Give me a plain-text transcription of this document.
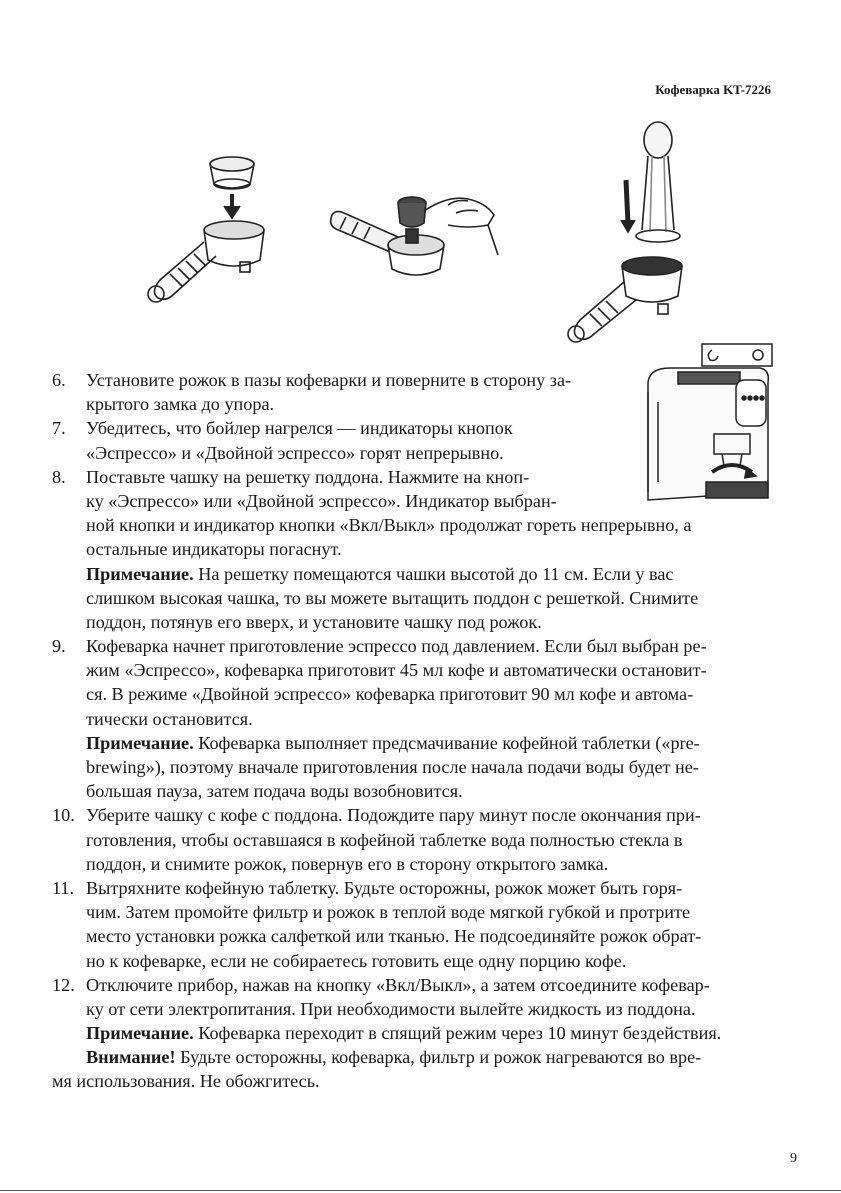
Кофеварка KT-7226
6.	Установите рожок в пазы кофеварки и поверните в сторону за-
крытого замка до упора.
7.	Убедитесь, что бойлер нагрелся — индикаторы кнопок
«Эспрессо» и «Двойной эспрессо» горят непрерывно.
8.	Поставьте чашку на решетку поддона. Нажмите на кноп-
ку «Эспрессо» или «Двойной эспрессо». Индикатор выбран-
ной кнопки и индикатор кнопки «Вкл/Выкл» продолжат гореть непрерывно, а
остальные индикаторы погаснут.
Примечание. На решетку помещаются чашки высотой до 11 см. Если у вас
слишком высокая чашка, то вы можете вытащить поддон с решеткой. Снимите
поддон, потянув его вверх, и установите чашку под рожок.
9.	Кофеварка начнет приготовление эспрессо под давлением. Если был выбран ре-
жим «Эспрессо», кофеварка приготовит 45 мл кофе и автоматически остановит-
ся. В режиме «Двойной эспрессо» кофеварка приготовит 90 мл кофе и автома-
тически остановится.
Примечание. Кофеварка выполняет предсмачивание кофейной таблетки («pre-
brewing»), поэтому вначале приготовления после начала подачи воды будет не-
большая пауза, затем подача воды возобновится.
10. Уберите чашку с кофе с поддона. Подождите пару минут после окончания при-
готовления, чтобы оставшаяся в кофейной таблетке вода полностью стекла в
поддон, и снимите рожок, повернув его в сторону открытого замка.
11. Вытряхните кофейную таблетку. Будьте осторожны, рожок может быть горя-
чим. Затем промойте фильтр и рожок в теплой воде мягкой губкой и протрите
место установки рожка салфеткой или тканью. Не подсоединяйте рожок обрат-
но к кофеварке, если не собираетесь готовить еще одну порцию кофе.
12. Отключите прибор, нажав на кнопку «Вкл/Выкл», а затем отсоедините кофевар-
ку от сети электропитания. При необходимости вылейте жидкость из поддона.
Примечание. Кофеварка переходит в спящий режим через 10 минут бездействия.
Внимание! Будьте осторожны, кофеварка, фильтр и рожок нагреваются во вре-
мя использования. Не обожгитесь.
9
